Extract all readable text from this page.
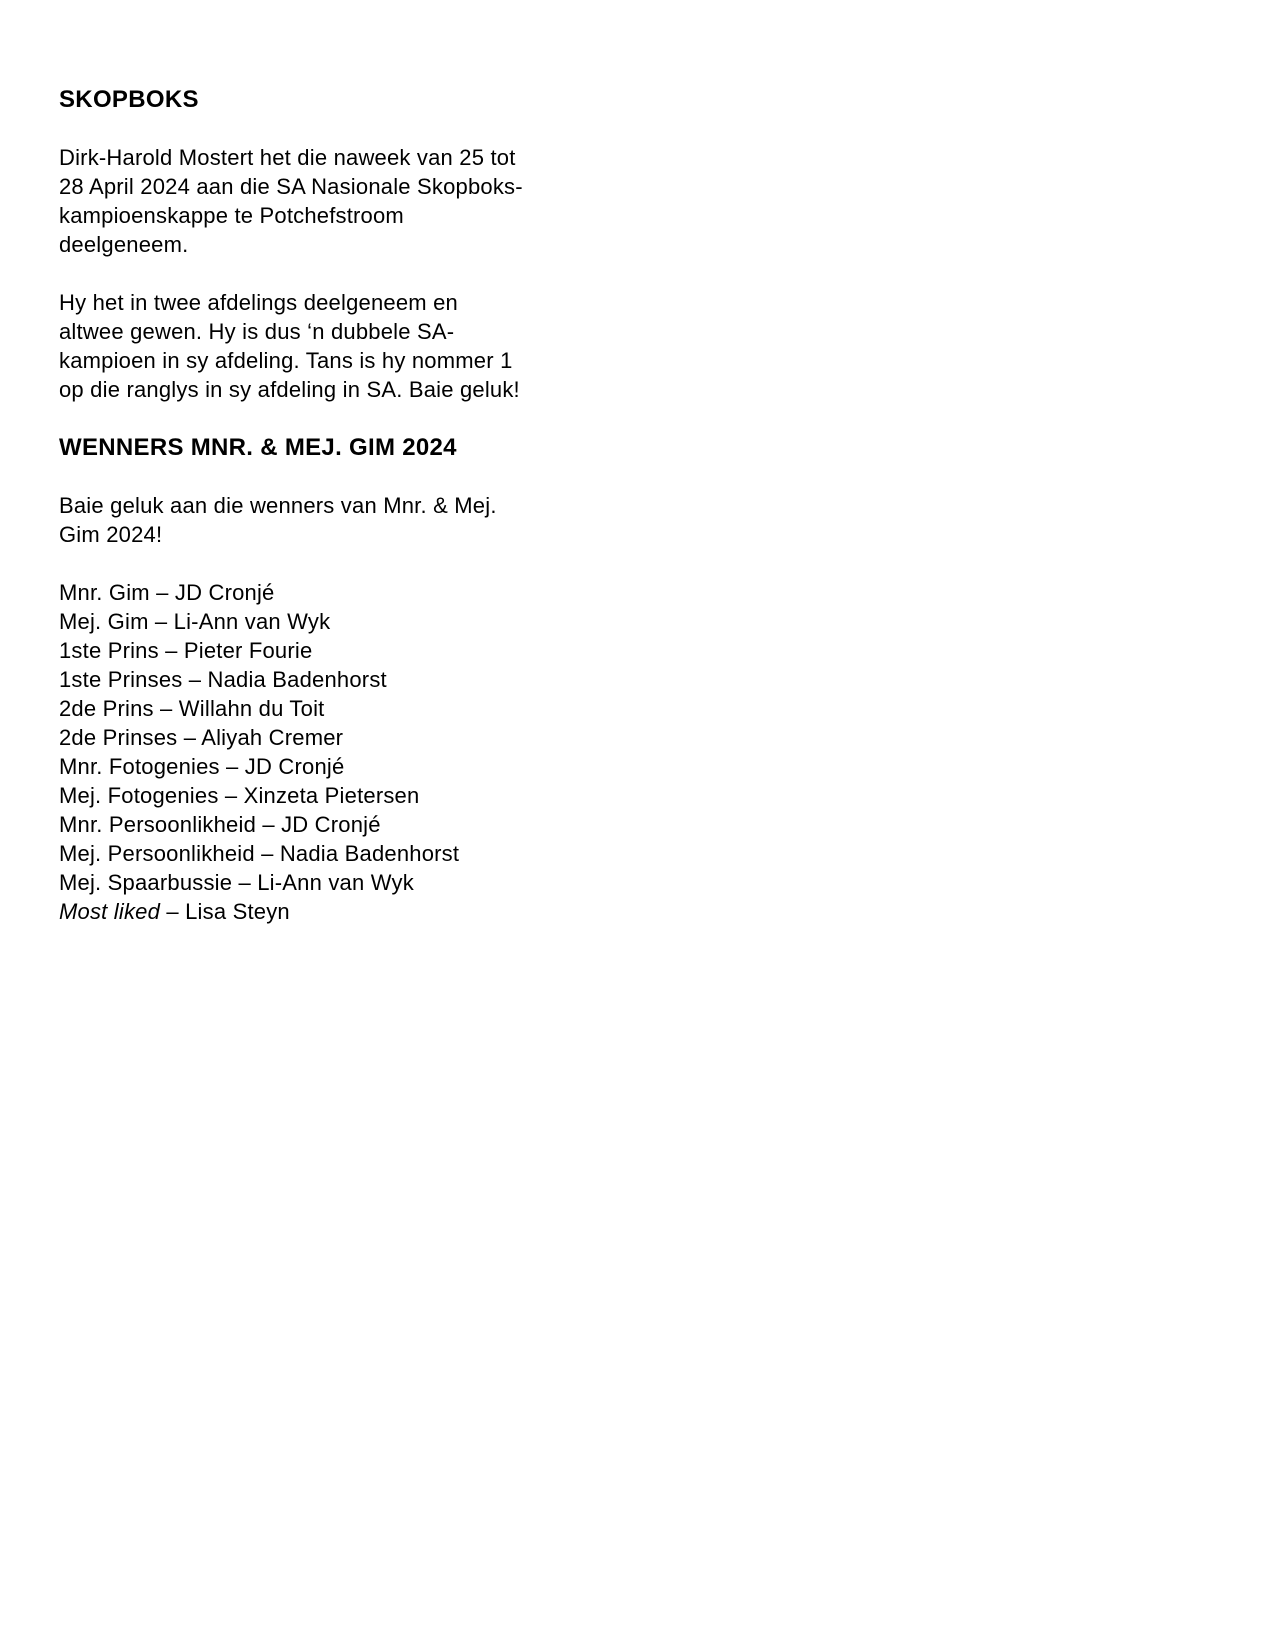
SKOPBOKS
Dirk-Harold Mostert het die naweek van 25 tot
28 April 2024 aan die SA Nasionale Skopboks-
kampioenskappe te Potchefstroom
deelgeneem.
Hy het in twee afdelings deelgeneem en
altwee gewen. Hy is dus ‘n dubbele SA-
kampioen in sy afdeling. Tans is hy nommer 1
op die ranglys in sy afdeling in SA. Baie geluk!
WENNERS MNR. & MEJ. GIM 2024
Baie geluk aan die wenners van Mnr. & Mej.
Gim 2024!
Mnr. Gim – JD Cronjé
Mej. Gim – Li-Ann van Wyk
1ste Prins – Pieter Fourie
1ste Prinses – Nadia Badenhorst
2de Prins – Willahn du Toit
2de Prinses – Aliyah Cremer
Mnr. Fotogenies – JD Cronjé
Mej. Fotogenies – Xinzeta Pietersen
Mnr. Persoonlikheid – JD Cronjé
Mej. Persoonlikheid – Nadia Badenhorst
Mej. Spaarbussie – Li-Ann van Wyk
Most liked – Lisa Steyn
